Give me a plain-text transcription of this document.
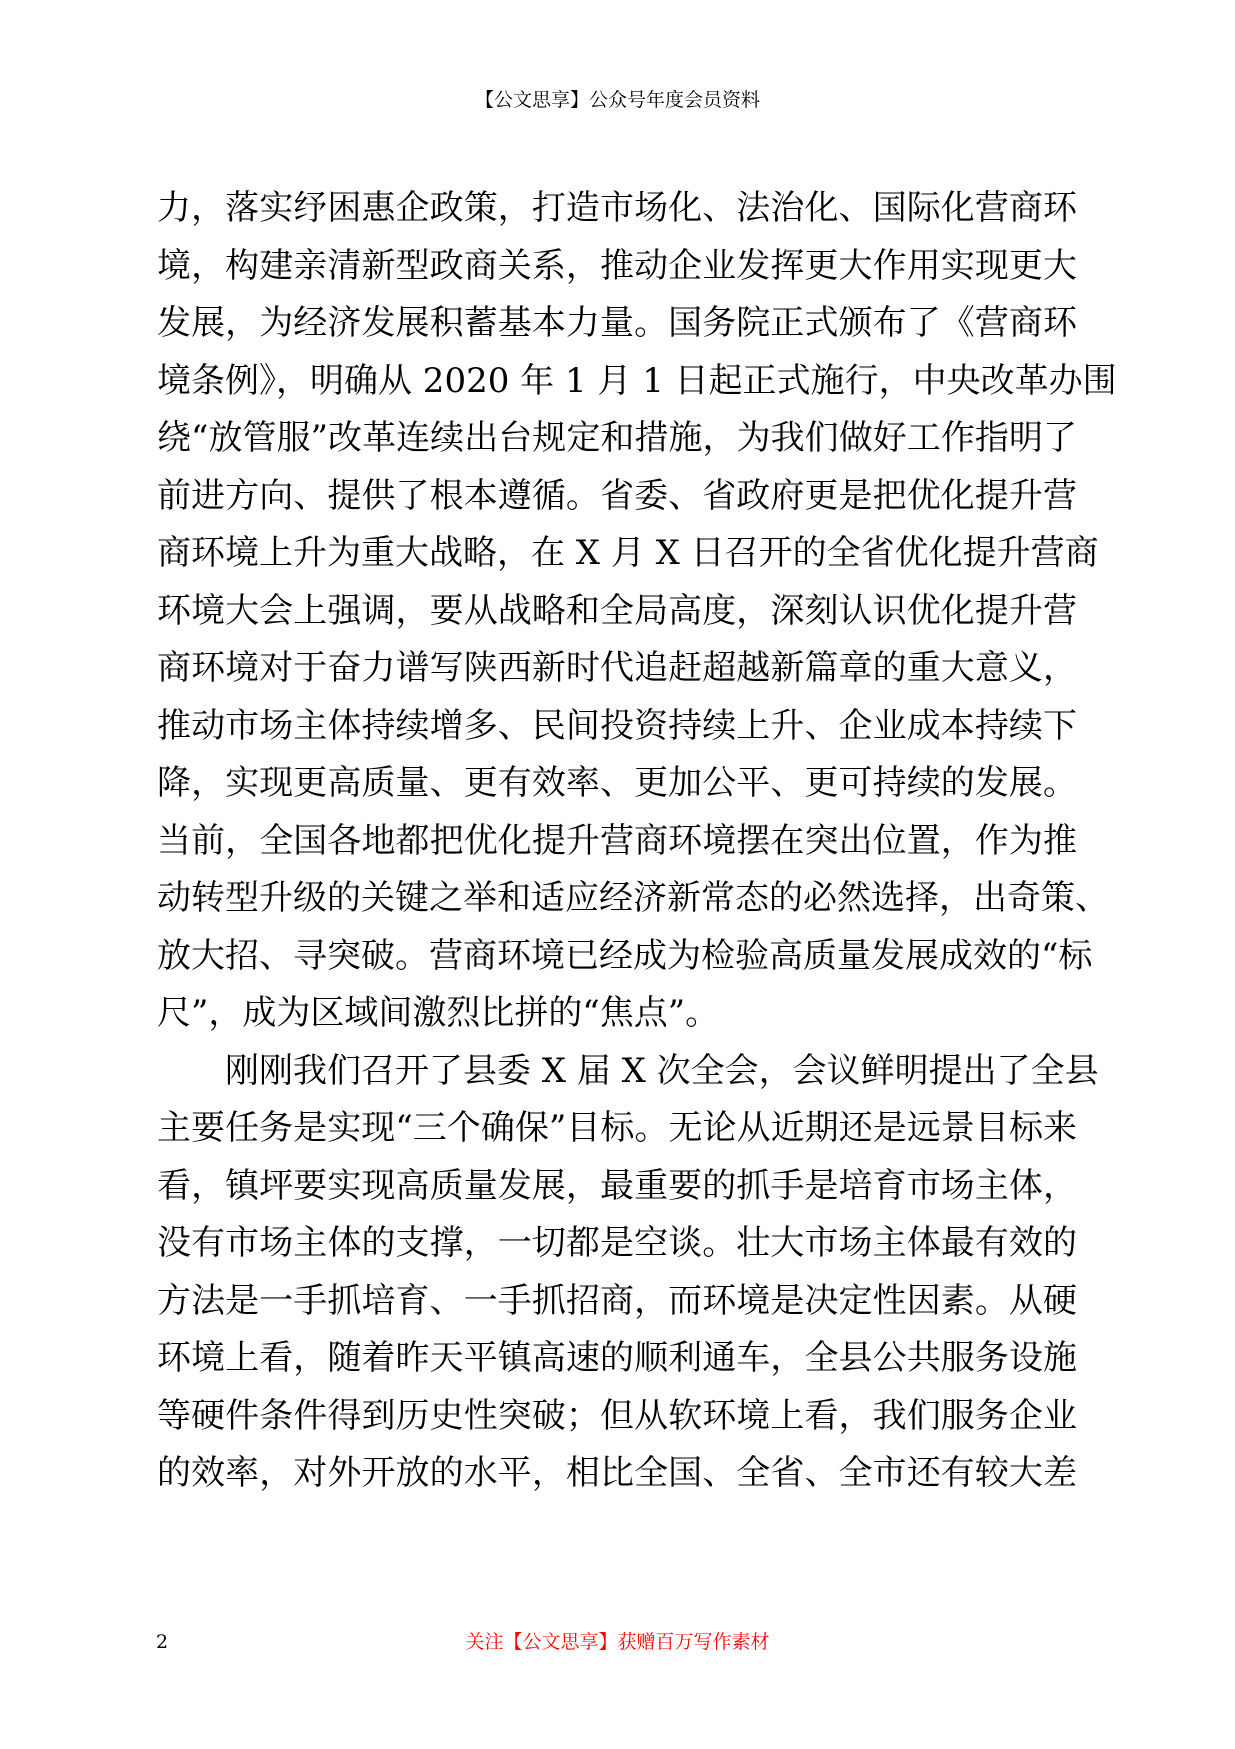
【公文思享】公众号年度会员资料
力，落实纾困惠企政策，打造市场化、法治化、国际化营商环
境，构建亲清新型政商关系，推动企业发挥更大作用实现更大
发展，为经济发展积蓄基本力量。国务院正式颁布了《营商环
境条例》，明确从 2020 年 1 月 1 日起正式施行，中央改革办围
绕“放管服”改革连续出台规定和措施，为我们做好工作指明了
前进方向、提供了根本遵循。省委、省政府更是把优化提升营
商环境上升为重大战略，在 X 月 X 日召开的全省优化提升营商
环境大会上强调，要从战略和全局高度，深刻认识优化提升营
商环境对于奋力谱写陕西新时代追赶超越新篇章的重大意义，
推动市场主体持续增多、民间投资持续上升、企业成本持续下
降，实现更高质量、更有效率、更加公平、更可持续的发展。
当前，全国各地都把优化提升营商环境摆在突出位置，作为推
动转型升级的关键之举和适应经济新常态的必然选择，出奇策、
放大招、寻突破。营商环境已经成为检验高质量发展成效的“标
尺”，成为区域间激烈比拼的“焦点”。
刚刚我们召开了县委 X 届 X 次全会，会议鲜明提出了全县
主要任务是实现“三个确保”目标。无论从近期还是远景目标来
看，镇坪要实现高质量发展，最重要的抓手是培育市场主体，
没有市场主体的支撑，一切都是空谈。壮大市场主体最有效的
方法是一手抓培育、一手抓招商，而环境是决定性因素。从硬
环境上看，随着昨天平镇高速的顺利通车，全县公共服务设施
等硬件条件得到历史性突破；但从软环境上看，我们服务企业
的效率，对外开放的水平，相比全国、全省、全市还有较大差
2	关注【公文思享】获赠百万写作素材
